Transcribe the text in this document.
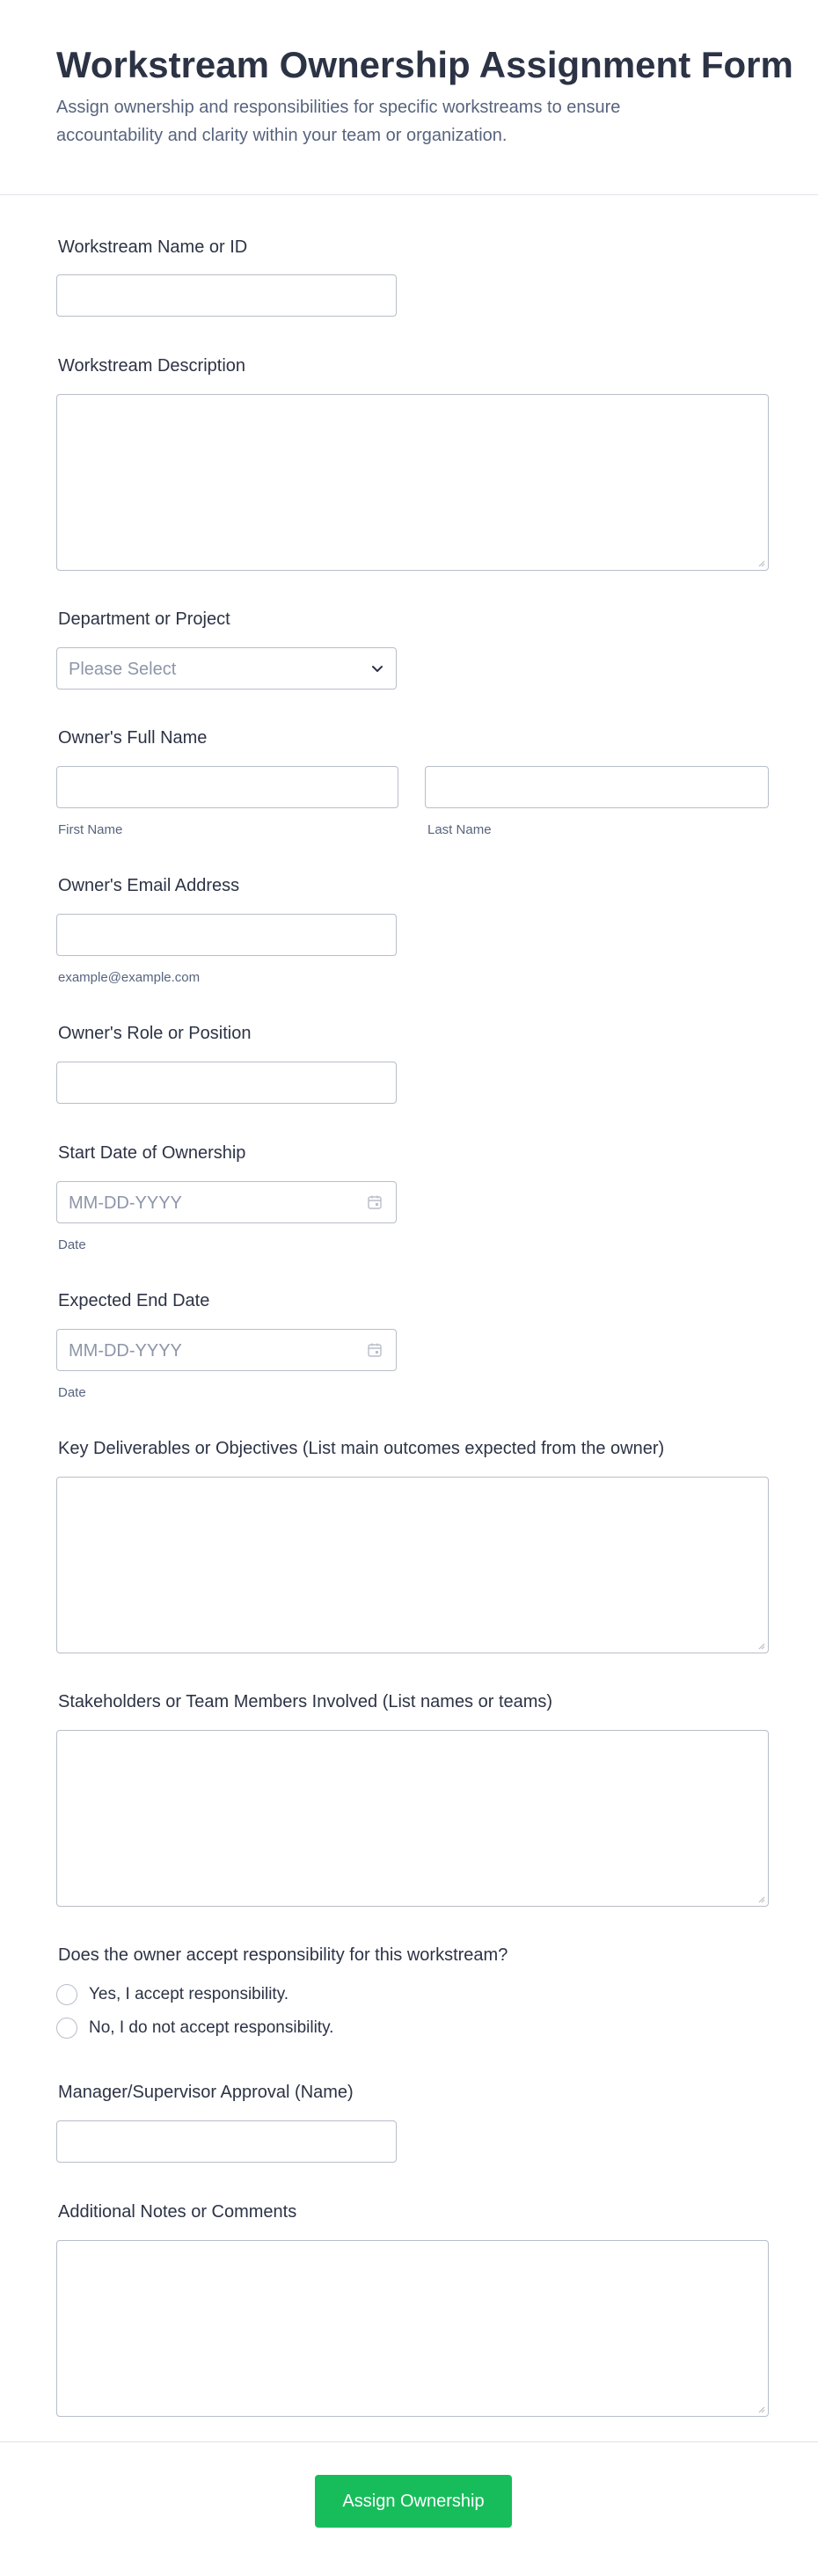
Workstream Ownership Assignment Form
Assign ownership and responsibilities for specific workstreams to ensure accountability and clarity within your team or organization.
Workstream Name or ID
Workstream Description
Department or Project
Please Select
Owner's Full Name
First Name	Last Name
Owner's Email Address
example@example.com
Owner's Role or Position
Start Date of Ownership
MM-DD-YYYY
Date
Expected End Date
MM-DD-YYYY
Date
Key Deliverables or Objectives (List main outcomes expected from the owner)
Stakeholders or Team Members Involved (List names or teams)
Does the owner accept responsibility for this workstream?
Yes, I accept responsibility.
No, I do not accept responsibility.
Manager/Supervisor Approval (Name)
Additional Notes or Comments
Assign Ownership
